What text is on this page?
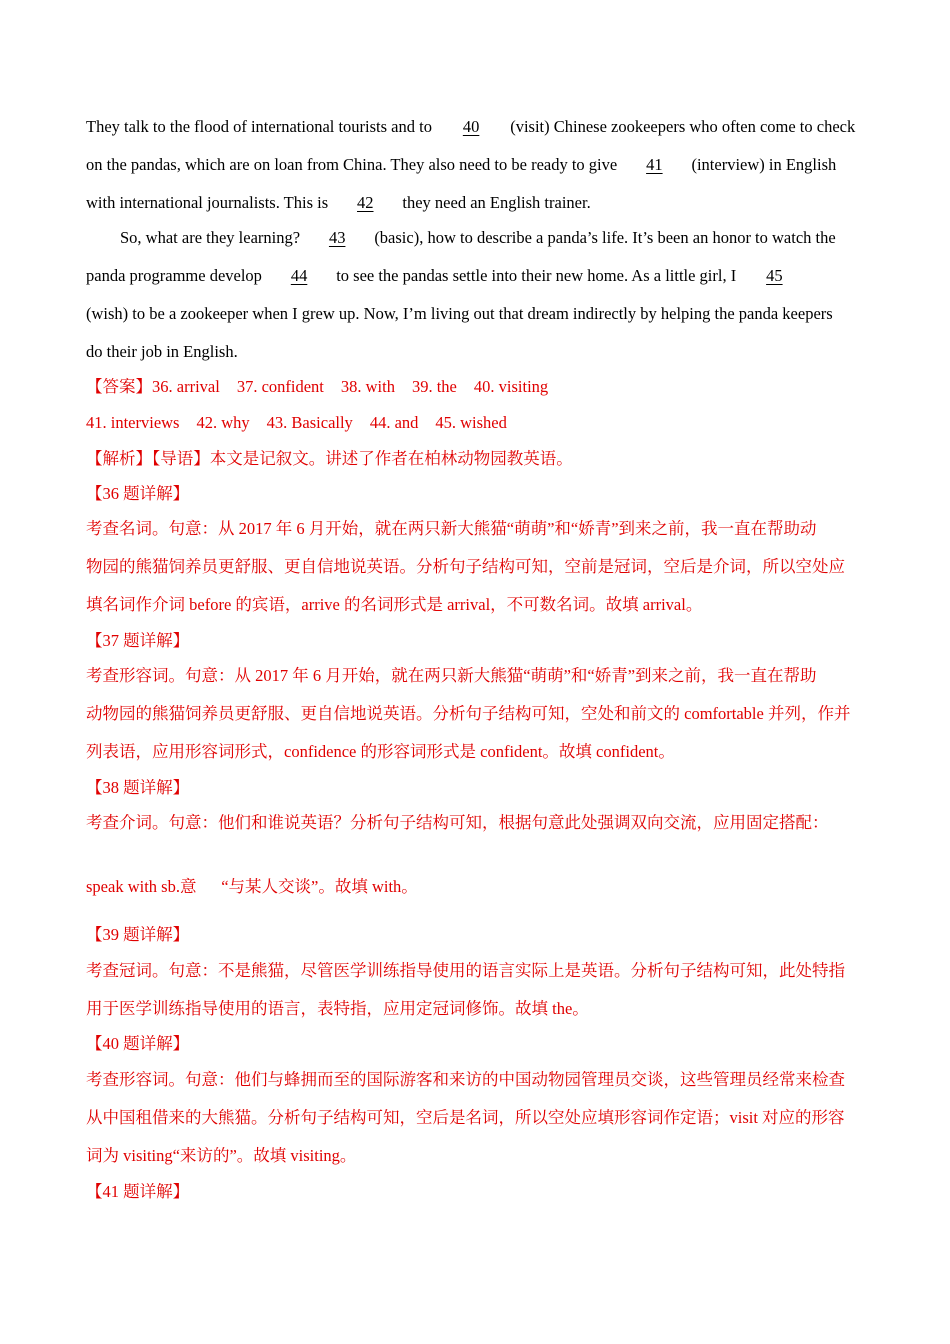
They talk to the flood of international tourists and to 40 (visit) Chinese zookeepers who often come to check
on the pandas, which are on loan from China. They also need to be ready to give 41 (interview) in English
with international journalists. This is 42 they need an English trainer.
So, what are they learning? 43 (basic), how to describe a panda’s life. It’s been an honor to watch the
panda programme develop 44 to see the pandas settle into their new home. As a little girl, I 45
(wish) to be a zookeeper when I grew up. Now, I’m living out that dream indirectly by helping the panda keepers
do their job in English.
【答案】36. arrival 37. confident 38. with 39. the 40. visiting
41. interviews 42. why 43. Basically 44. and 45. wished
【解析】【导语】本文是记叙文。讲述了作者在柏林动物园教英语。
【36 题详解】
考查名词。句意：从 2017 年 6 月开始，就在两只新大熊猫“萌萌”和“娇青”到来之前，我一直在帮助动
物园的熊猫饲养员更舒服、更自信地说英语。分析句子结构可知，空前是冠词，空后是介词，所以空处应
填名词作介词 before 的宾语，arrive 的名词形式是 arrival，不可数名词。故填 arrival。
【37 题详解】
考查形容词。句意：从 2017 年 6 月开始，就在两只新大熊猫“萌萌”和“娇青”到来之前，我一直在帮助
动物园的熊猫饲养员更舒服、更自信地说英语。分析句子结构可知，空处和前文的 comfortable 并列，作并
列表语，应用形容词形式，confidence 的形容词形式是 confident。故填 confident。
【38 题详解】
考查介词。句意：他们和谁说英语？分析句子结构可知，根据句意此处强调双向交流，应用固定搭配：
speak with sb.意      “与某人交谈”。故填 with。
【39 题详解】
考查冠词。句意：不是熊猫，尽管医学训练指导使用的语言实际上是英语。分析句子结构可知，此处特指
用于医学训练指导使用的语言，表特指，应用定冠词修饰。故填 the。
【40 题详解】
考查形容词。句意：他们与蜂拥而至的国际游客和来访的中国动物园管理员交谈，这些管理员经常来检查
从中国租借来的大熊猫。分析句子结构可知，空后是名词，所以空处应填形容词作定语；visit 对应的形容
词为 visiting“来访的”。故填 visiting。
【41 题详解】
